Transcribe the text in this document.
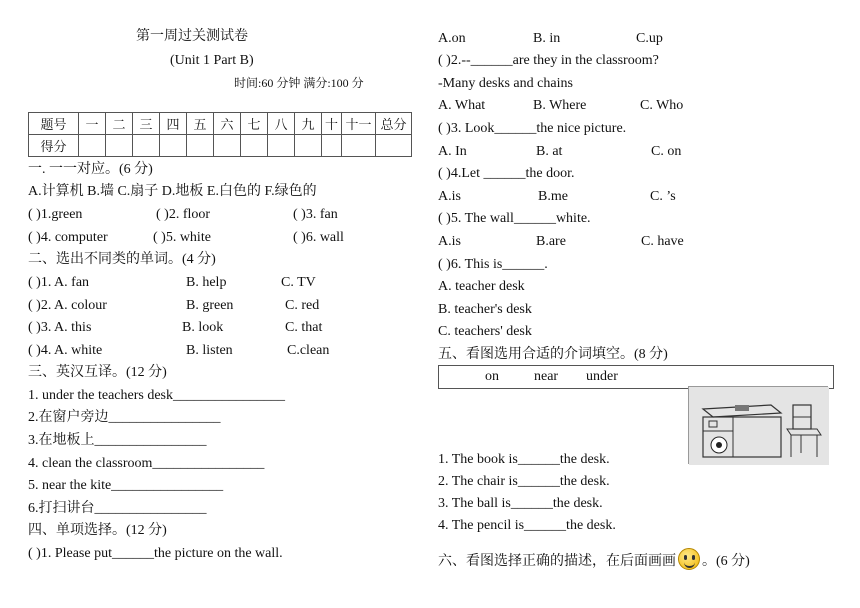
第一周过关测试卷
(Unit 1 Part B)
时间:60 分钟 满分:100 分
题号	一	二	三	四	五	六	七	八	九	十	十一	总分
得分												
一. 一一对应。(6 分)
A.计算机 B.墙 C.扇子 D.地板 E.白色的 F.绿色的
( )1.green	( )2. floor	( )3. fan
( )4. computer	( )5. white	( )6. wall
二、选出不同类的单词。(4 分)
( )1. A. fan	B. help	C. TV
( )2. A. colour	B. green	C. red
( )3. A. this	B. look	C. that
( )4. A. white	B. listen	C.clean
三、英汉互译。(12 分)
1. under the teachers desk________________
2.在窗户旁边________________
3.在地板上________________
4. clean the classroom________________
5. near the kite________________
6.打扫讲台________________
四、单项选择。(12 分)
( )1. Please put______the picture on the wall.
A.on	B. in	C.up
( )2.--______are they in the classroom?
-Many desks and chains
A. What	B. Where	C. Who
( )3. Look______the nice picture.
A. In	B. at	C. on
( )4.Let ______the door.
A.is	B.me	C. ’s
( )5. The wall______white.
A.is	B.are	C. have
( )6. This is______.
A. teacher desk
B. teacher's desk
C. teachers' desk
五、看图选用合适的介词填空。(8 分)
on	near under
1. The book is______the desk.
2. The chair is______the desk.
3. The ball is______the desk.
4. The pencil is______the desk.
六、看图选择正确的描述，在后面画画 。(6 分)
